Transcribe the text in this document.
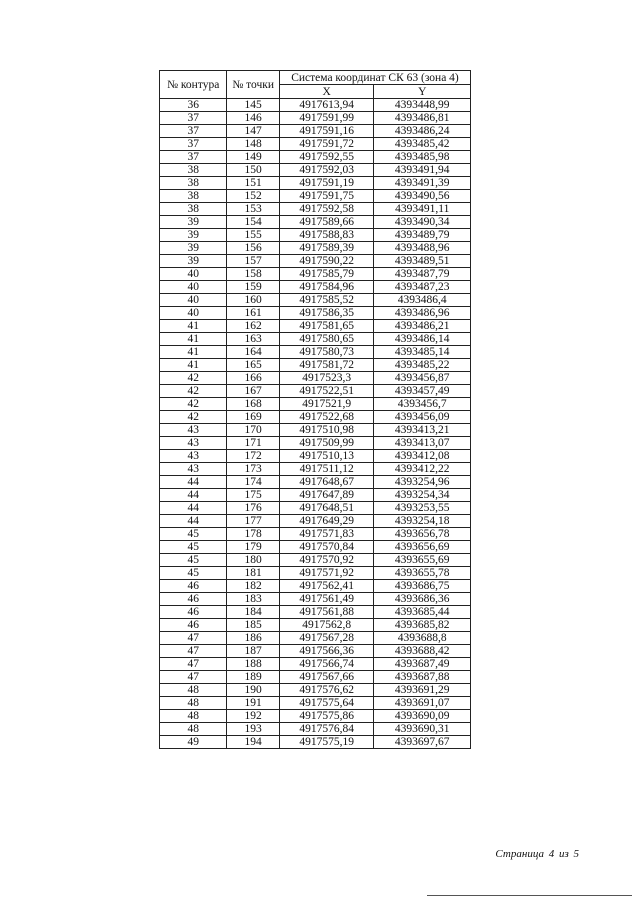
№ контура	№ точки	Система координат СК 63 (зона 4)	
		X	Y
36	145	4917613,94	4393448,99
37	146	4917591,99	4393486,81
37	147	4917591,16	4393486,24
37	148	4917591,72	4393485,42
37	149	4917592,55	4393485,98
38	150	4917592,03	4393491,94
38	151	4917591,19	4393491,39
38	152	4917591,75	4393490,56
38	153	4917592,58	4393491,11
39	154	4917589,66	4393490,34
39	155	4917588,83	4393489,79
39	156	4917589,39	4393488,96
39	157	4917590,22	4393489,51
40	158	4917585,79	4393487,79
40	159	4917584,96	4393487,23
40	160	4917585,52	4393486,4
40	161	4917586,35	4393486,96
41	162	4917581,65	4393486,21
41	163	4917580,65	4393486,14
41	164	4917580,73	4393485,14
41	165	4917581,72	4393485,22
42	166	4917523,3	4393456,87
42	167	4917522,51	4393457,49
42	168	4917521,9	4393456,7
42	169	4917522,68	4393456,09
43	170	4917510,98	4393413,21
43	171	4917509,99	4393413,07
43	172	4917510,13	4393412,08
43	173	4917511,12	4393412,22
44	174	4917648,67	4393254,96
44	175	4917647,89	4393254,34
44	176	4917648,51	4393253,55
44	177	4917649,29	4393254,18
45	178	4917571,83	4393656,78
45	179	4917570,84	4393656,69
45	180	4917570,92	4393655,69
45	181	4917571,92	4393655,78
46	182	4917562,41	4393686,75
46	183	4917561,49	4393686,36
46	184	4917561,88	4393685,44
46	185	4917562,8	4393685,82
47	186	4917567,28	4393688,8
47	187	4917566,36	4393688,42
47	188	4917566,74	4393687,49
47	189	4917567,66	4393687,88
48	190	4917576,62	4393691,29
48	191	4917575,64	4393691,07
48	192	4917575,86	4393690,09
48	193	4917576,84	4393690,31
49	194	4917575,19	4393697,67
Страница 4 из 5
